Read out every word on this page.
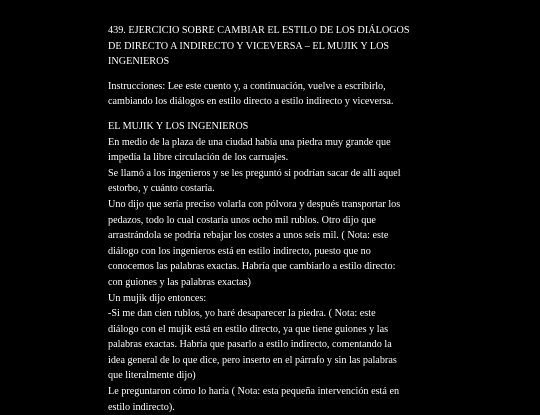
439. EJERCICIO SOBRE CAMBIAR EL ESTILO DE LOS DIÁLOGOS
DE DIRECTO A INDIRECTO Y VICEVERSA – EL MUJIK Y LOS
INGENIEROS
Instrucciones: Lee este cuento y, a continuación, vuelve a escribirlo,
cambiando los diálogos en estilo directo a estilo indirecto y viceversa.
EL MUJIK Y LOS INGENIEROS
En medio de la plaza de una ciudad había una piedra muy grande que
impedía la libre circulación de los carruajes.
Se llamó a los ingenieros y se les preguntó si podrían sacar de allí aquel
estorbo, y cuánto costaría.
Uno dijo que sería preciso volarla con pólvora y después transportar los
pedazos, todo lo cual costaría unos ocho mil rublos. Otro dijo que
arrastrándola se podría rebajar los costes a unos seis mil. ( Nota: este
diálogo con los ingenieros está en estilo indirecto, puesto que no
conocemos las palabras exactas. Habría que cambiarlo a estilo directo:
con guiones y las palabras exactas)
Un mujik dijo entonces:
-Si me dan cien rublos, yo haré desaparecer la piedra. ( Nota: este
diálogo con el mujik está en estilo directo, ya que tiene guiones y las
palabras exactas. Habría que pasarlo a estilo indirecto, comentando la
idea general de lo que dice, pero inserto en el párrafo y sin las palabras
que literalmente dijo)
Le preguntaron cómo lo haría ( Nota: esta pequeña intervención está en
estilo indirecto).
